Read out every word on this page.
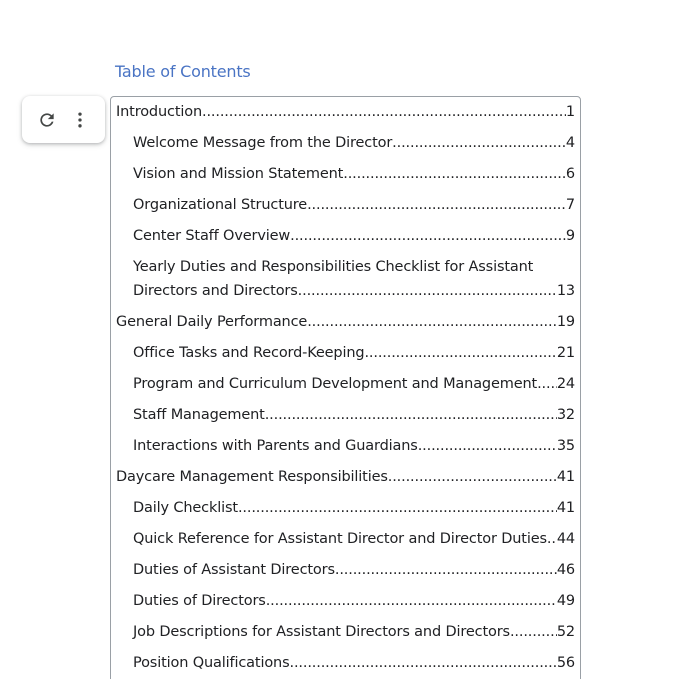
Table of Contents
Introduction .....	1
Welcome Message from the Director .....	4
Vision and Mission Statement .....	6
Organizational Structure .....	7
Center Staff Overview .....	9
Yearly Duties and Responsibilities Checklist for Assistant
Directors and Directors .....	13
General Daily Performance .....	19
Office Tasks and Record-Keeping .....	21
Program and Curriculum Development and Management ..... 24
Staff Management .....	32
Interactions with Parents and Guardians .....	35
Daycare Management Responsibilities .....	41
Daily Checklist .....	41
Quick Reference for Assistant Director and Director Duties ..... 44
Duties of Assistant Directors .....	46
Duties of Directors .....	49
Job Descriptions for Assistant Directors and Directors .....	52
Position Qualifications .....	56
